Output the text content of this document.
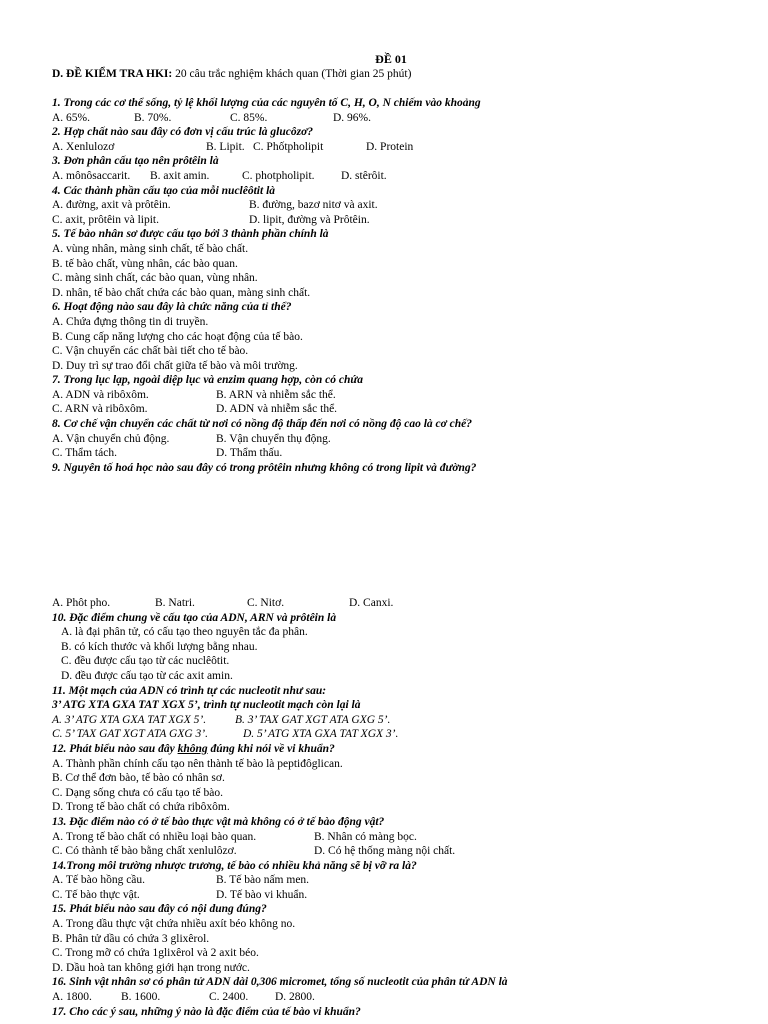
ĐỀ 01
D. ĐỀ KIỂM TRA HKI: 20 câu trắc nghiệm khách quan (Thời gian 25 phút)
1. Trong các cơ thể sống, tỷ lệ khối lượng của các nguyên tố C, H, O, N chiếm vào khoảng
A. 65%.	B. 70%.	C. 85%.	D. 96%.
2. Hợp chất nào sau đây có đơn vị cấu trúc là glucôzơ?
A. Xenlulozơ	B. Lipit. C. Phốtpholipit	D. Protein
3. Đơn phân cấu tạo nên prôtêin là
A. mônôsaccarit. B. axit amin.	C. photpholipit. D. stêrôit.
4. Các thành phần cấu tạo của mỗi nuclêôtit là
A. đường, axit và prôtêin.	B. đường, bazơ nitơ và axit.
C. axit, prôtêin và lipit.	D. lipit, đường và Prôtêin.
5. Tế bào nhân sơ được cấu tạo bởi 3 thành phần chính là
A. vùng nhân, màng sinh chất, tế bào chất.
B. tế bào chất, vùng nhân, các bào quan.
C. màng sinh chất, các bào quan, vùng nhân.
D. nhân, tế bào chất chứa các bào quan, màng sinh chất.
6. Hoạt động nào sau đây là chức năng của tỉ thể?
A. Chứa đựng thông tin di truyền.
B. Cung cấp năng lượng cho các hoạt động của tế bào.
C. Vận chuyển các chất bài tiết cho tế bào.
D. Duy trì sự trao đổi chất giữa tế bào và môi trường.
7. Trong lục lạp, ngoài diệp lục và enzim quang hợp, còn có chứa
A. ADN và ribôxôm.	B. ARN và nhiễm sắc thể.
C. ARN và ribôxôm.	D. ADN và nhiễm sắc thể.
8. Cơ chế vận chuyển các chất từ nơi có nồng độ thấp đến nơi có nồng độ cao là cơ chế?
A. Vận chuyển chủ động.	B. Vận chuyển thụ động.
C. Thẩm tách.	D. Thẩm thấu.
9. Nguyên tố hoá học nào sau đây có trong prôtêin nhưng không có trong lipit và đường?
A. Phôt pho.	B. Natri.	C. Nitơ.	D. Canxi.
10. Đặc điểm chung về cấu tạo của ADN, ARN và prôtêin là
A. là đại phân tử, có cấu tạo theo nguyên tắc đa phân.
B. có kích thước và khối lượng bằng nhau.
C. đều được cấu tạo từ các nuclêôtit.
D. đều được cấu tạo từ các axit amin.
11. Một mạch của ADN có trình tự các nucleotit như sau:
3’ ATG XTA GXA TAT XGX 5’, trình tự nucleotit mạch còn lại là
A. 3’ ATG XTA GXA TAT XGX 5’.	B. 3’ TAX GAT XGT ATA GXG 5’.
C. 5’ TAX GAT XGT ATA GXG 3’.	D. 5’ ATG XTA GXA TAT XGX 3’.
12. Phát biểu nào sau đây không đúng khi nói về vi khuẩn?
A. Thành phần chính cấu tạo nên thành tế bào là peptiđôglican.
B. Cơ thể đơn bào, tế bào có nhân sơ.
C. Dạng sống chưa có cấu tạo tế bào.
D. Trong tế bào chất có chứa ribôxôm.
13. Đặc điểm nào có ở tế bào thực vật mà không có ở tế bào động vật?
A. Trong tế bào chất có nhiều loại bào quan.	B. Nhân có màng bọc.
C. Có thành tế bào bằng chất xenlulôzơ.	D. Có hệ thống màng nội chất.
14.Trong môi trường nhược trương, tế bào có nhiều khả năng sẽ bị vỡ ra là?
A. Tế bào hồng cầu.	B. Tế bào nấm men.
C. Tế bào thực vật.	D. Tế bào vi khuẩn.
15. Phát biểu nào sau đây có nội dung đúng?
A. Trong dầu thực vật chứa nhiều axít béo không no.
B. Phân tử dầu có chứa 3 glixêrol.
C. Trong mỡ có chứa 1glixêrol và 2 axit béo.
D. Dầu hoà tan không giới hạn trong nước.
16. Sinh vật nhân sơ có phân tử ADN dài 0,306 micromet, tổng số nucleotit của phân tử ADN là
A. 1800.	B. 1600.	C. 2400. D. 2800.
17. Cho các ý sau, những ý nào là đặc điểm của tế bào vi khuẩn?
